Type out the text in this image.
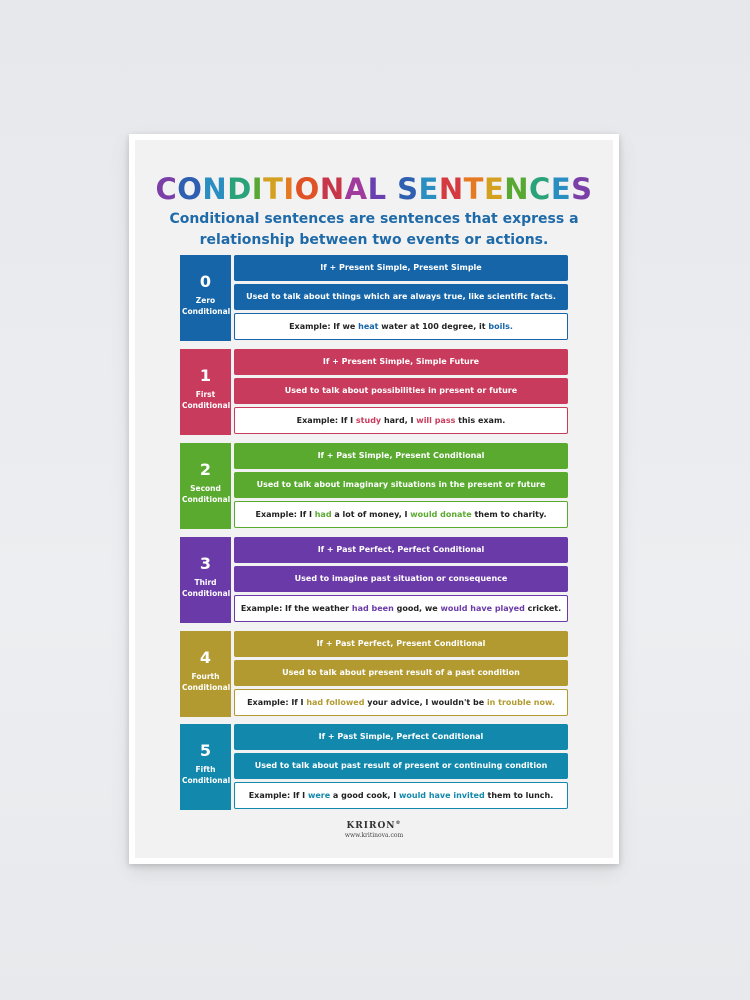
CONDITIONAL SENTENCES
Conditional sentences are sentences that express a relationship between two events or actions.
0
Zero Conditional
If + Present Simple, Present Simple
Used to talk about things which are always true, like scientific facts.
Example: If we heat water at 100 degree, it boils.
1
First Conditional
If + Present Simple, Simple Future
Used to talk about possibilities in present or future
Example: If I study hard, I will pass this exam.
2
Second Conditional
If + Past Simple, Present Conditional
Used to talk about imaginary situations in the present or future
Example: If I had a lot of money, I would donate them to charity.
3
Third Conditional
If + Past Perfect, Perfect Conditional
Used to imagine past situation or consequence
Example: If the weather had been good, we would have played cricket.
4
Fourth Conditional
If + Past Perfect, Present Conditional
Used to talk about present result of a past condition
Example: If I had followed your advice, I wouldn't be in trouble now.
5
Fifth Conditional
If + Past Simple, Perfect Conditional
Used to talk about past result of present or continuing condition
Example: If I were a good cook, I would have invited them to lunch.
KRIRON®
www.kritinova.com
